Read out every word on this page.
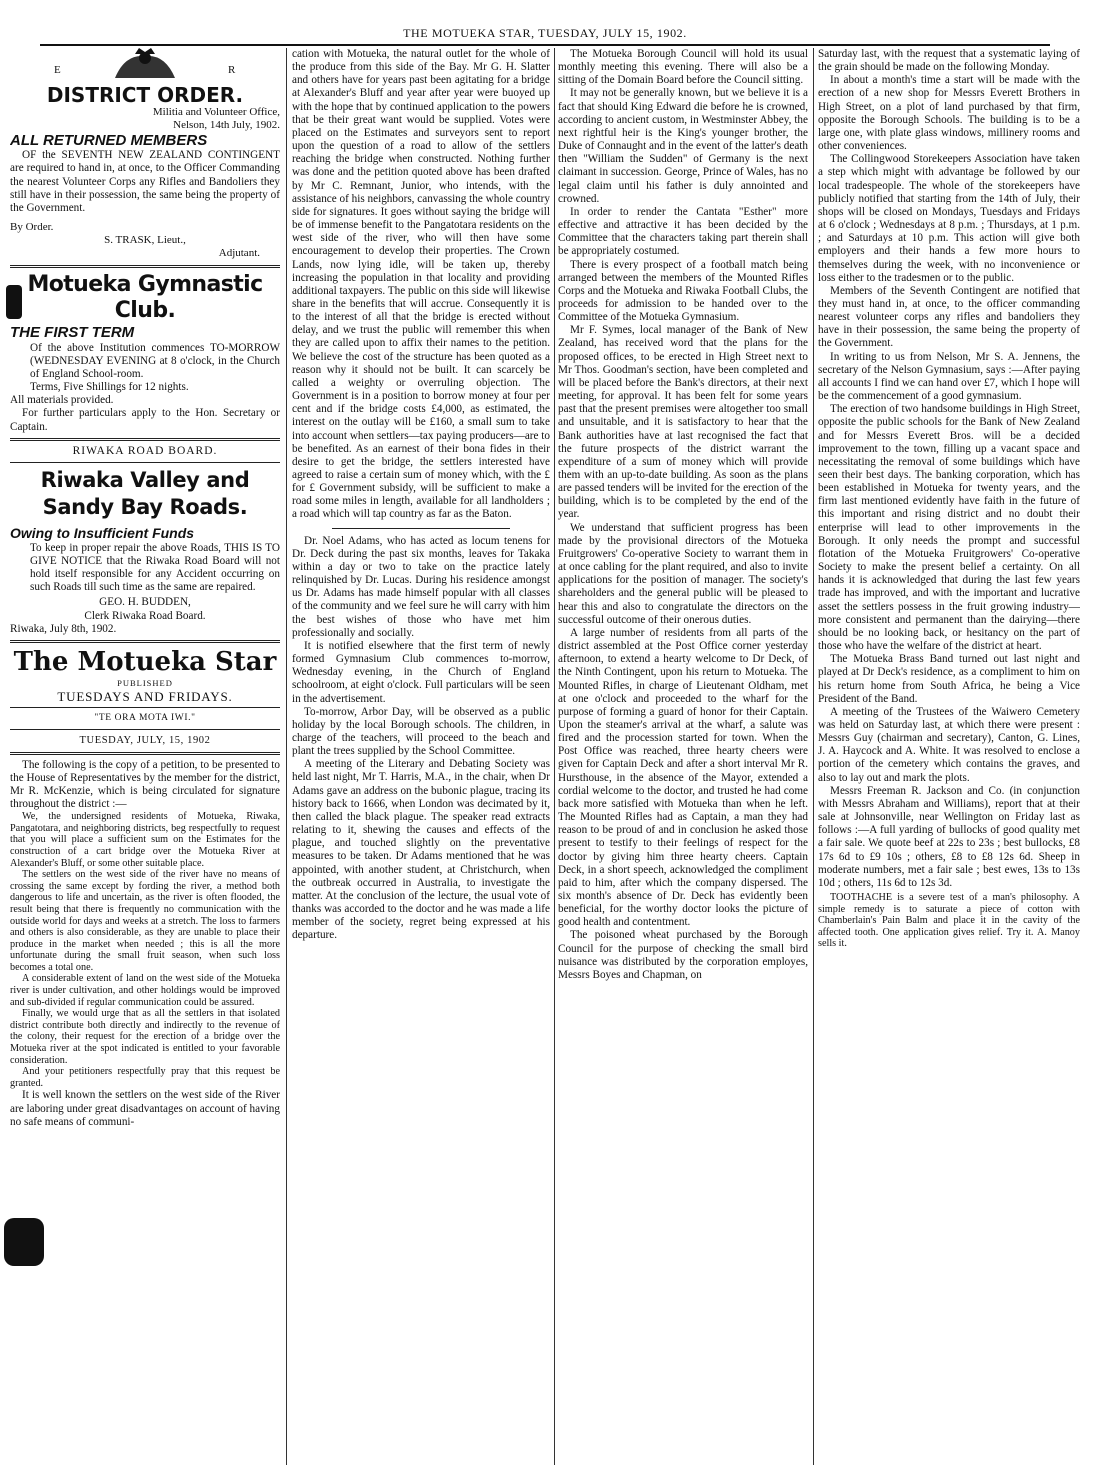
THE MOTUEKA STAR, TUESDAY, JULY 15, 1902.
E	R
DISTRICT ORDER.
Militia and Volunteer Office,
Nelson, 14th July, 1902.
ALL RETURNED MEMBERS

OF the SEVENTH NEW ZEALAND CONTINGENT are required to hand in, at once, to the Officer Commanding the nearest Volunteer Corps any Rifles and Bandoliers they still have in their possession, the same being the property of the Government.

By Order.
S. TRASK, Lieut.,
Adjutant.
Motueka Gymnastic Club.
THE FIRST TERM

Of the above Institution commences TO-MORROW (WEDNESDAY EVENING at 8 o'clock, in the Church of England School-room.

Terms, Five Shillings for 12 nights.

All materials provided.

For further particulars apply to the Hon. Secretary or Captain.

RIWAKA ROAD BOARD.
Riwaka Valley and Sandy Bay Roads.
Owing to Insufficient Funds

To keep in proper repair the above Roads, THIS IS TO GIVE NOTICE that the Riwaka Road Board will not hold itself responsible for any Accident occurring on such Roads till such time as the same are repaired.

GEO. H. BUDDEN,
Clerk Riwaka Road Board.
Riwaka, July 8th, 1902.
The Motueka Star
PUBLISHED
TUESDAYS AND FRIDAYS.
"TE ORA MOTA IWI."
TUESDAY, JULY, 15, 1902

The following is the copy of a petition, to be presented to the House of Representatives by the member for the district, Mr R. McKenzie, which is being circulated for signature throughout the district :—

We, the undersigned residents of Motueka, Riwaka, Pangatotara, and neighboring districts, beg respectfully to request that you will place a sufficient sum on the Estimates for the construction of a cart bridge over the Motueka River at Alexander's Bluff, or some other suitable place.

The settlers on the west side of the river have no means of crossing the same except by fording the river, a method both dangerous to life and uncertain, as the river is often flooded, the result being that there is frequently no communication with the outside world for days and weeks at a stretch. The loss to farmers and others is also considerable, as they are unable to place their produce in the market when needed ; this is all the more unfortunate during the small fruit season, when such loss becomes a total one.

A considerable extent of land on the west side of the Motueka river is under cultivation, and other holdings would be improved and sub-divided if regular communication could be assured.

Finally, we would urge that as all the settlers in that isolated district contribute both directly and indirectly to the revenue of the colony, their request for the erection of a bridge over the Motueka river at the spot indicated is entitled to your favorable consideration.

And your petitioners respectfully pray that this request be granted.

It is well known the settlers on the west side of the River are laboring under great disadvantages on account of having no safe means of communi-

cation with Motueka, the natural outlet for the whole of the produce from this side of the Bay. Mr G. H. Slatter and others have for years past been agitating for a bridge at Alexander's Bluff and year after year were buoyed up with the hope that by continued application to the powers that be their great want would be supplied. Votes were placed on the Estimates and surveyors sent to report upon the question of a road to allow of the settlers reaching the bridge when constructed. Nothing further was done and the petition quoted above has been drafted by Mr C. Remnant, Junior, who intends, with the assistance of his neighbors, canvassing the whole country side for signatures. It goes without saying the bridge will be of immense benefit to the Pangatotara residents on the west side of the river, who will then have some encouragement to develop their properties. The Crown Lands, now lying idle, will be taken up, thereby increasing the population in that locality and providing additional taxpayers. The public on this side will likewise share in the benefits that will accrue. Consequently it is to the interest of all that the bridge is erected without delay, and we trust the public will remember this when they are called upon to affix their names to the petition. We believe the cost of the structure has been quoted as a reason why it should not be built. It can scarcely be called a weighty or overruling objection. The Government is in a position to borrow money at four per cent and if the bridge costs £4,000, as estimated, the interest on the outlay will be £160, a small sum to take into account when settlers—tax paying producers—are to be benefited. As an earnest of their bona fides in their desire to get the bridge, the settlers interested have agreed to raise a certain sum of money which, with the £ for £ Government subsidy, will be sufficient to make a road some miles in length, available for all landholders ; a road which will tap country as far as the Baton.

Dr. Noel Adams, who has acted as locum tenens for Dr. Deck during the past six months, leaves for Takaka within a day or two to take on the practice lately relinquished by Dr. Lucas. During his residence amongst us Dr. Adams has made himself popular with all classes of the community and we feel sure he will carry with him the best wishes of those who have met him professionally and socially.

It is notified elsewhere that the first term of newly formed Gymnasium Club commences to-morrow, Wednesday evening, in the Church of England schoolroom, at eight o'clock. Full particulars will be seen in the advertisement.

To-morrow, Arbor Day, will be observed as a public holiday by the local Borough schools. The children, in charge of the teachers, will proceed to the beach and plant the trees supplied by the School Committee.

A meeting of the Literary and Debating Society was held last night, Mr T. Harris, M.A., in the chair, when Dr Adams gave an address on the bubonic plague, tracing its history back to 1666, when London was decimated by it, then called the black plague. The speaker read extracts relating to it, shewing the causes and effects of the plague, and touched slightly on the preventative measures to be taken. Dr Adams mentioned that he was appointed, with another student, at Christchurch, when the outbreak occurred in Australia, to investigate the matter. At the conclusion of the lecture, the usual vote of thanks was accorded to the doctor and he was made a life member of the society, regret being expressed at his departure.

The Motueka Borough Council will hold its usual monthly meeting this evening. There will also be a sitting of the Domain Board before the Council sitting.

It may not be generally known, but we believe it is a fact that should King Edward die before he is crowned, according to ancient custom, in Westminster Abbey, the next rightful heir is the King's younger brother, the Duke of Connaught and in the event of the latter's death then "William the Sudden" of Germany is the next claimant in succession. George, Prince of Wales, has no legal claim until his father is duly annointed and crowned.

In order to render the Cantata "Esther" more effective and attractive it has been decided by the Committee that the characters taking part therein shall be appropriately costumed.

There is every prospect of a football match being arranged between the members of the Mounted Rifles Corps and the Motueka and Riwaka Football Clubs, the proceeds for admission to be handed over to the Committee of the Motueka Gymnasium.

Mr F. Symes, local manager of the Bank of New Zealand, has received word that the plans for the proposed offices, to be erected in High Street next to Mr Thos. Goodman's section, have been completed and will be placed before the Bank's directors, at their next meeting, for approval. It has been felt for some years past that the present premises were altogether too small and unsuitable, and it is satisfactory to hear that the Bank authorities have at last recognised the fact that the future prospects of the district warrant the expenditure of a sum of money which will provide them with an up-to-date building. As soon as the plans are passed tenders will be invited for the erection of the building, which is to be completed by the end of the year.

We understand that sufficient progress has been made by the provisional directors of the Motueka Fruitgrowers' Co-operative Society to warrant them in at once cabling for the plant required, and also to invite applications for the position of manager. The society's shareholders and the general public will be pleased to hear this and also to congratulate the directors on the successful outcome of their onerous duties.

A large number of residents from all parts of the district assembled at the Post Office corner yesterday afternoon, to extend a hearty welcome to Dr Deck, of the Ninth Contingent, upon his return to Motueka. The Mounted Rifles, in charge of Lieutenant Oldham, met at one o'clock and proceeded to the wharf for the purpose of forming a guard of honor for their Captain. Upon the steamer's arrival at the wharf, a salute was fired and the procession started for town. When the Post Office was reached, three hearty cheers were given for Captain Deck and after a short interval Mr R. Hursthouse, in the absence of the Mayor, extended a cordial welcome to the doctor, and trusted he had come back more satisfied with Motueka than when he left. The Mounted Rifles had as Captain, a man they had reason to be proud of and in conclusion he asked those present to testify to their feelings of respect for the doctor by giving him three hearty cheers. Captain Deck, in a short speech, acknowledged the compliment paid to him, after which the company dispersed. The six month's absence of Dr. Deck has evidently been beneficial, for the worthy doctor looks the picture of good health and contentment.

The poisoned wheat purchased by the Borough Council for the purpose of checking the small bird nuisance was distributed by the corporation employes, Messrs Boyes and Chapman, on

Saturday last, with the request that a systematic laying of the grain should be made on the following Monday.

In about a month's time a start will be made with the erection of a new shop for Messrs Everett Brothers in High Street, on a plot of land purchased by that firm, opposite the Borough Schools. The building is to be a large one, with plate glass windows, millinery rooms and other conveniences.

The Collingwood Storekeepers Association have taken a step which might with advantage be followed by our local tradespeople. The whole of the storekeepers have publicly notified that starting from the 14th of July, their shops will be closed on Mondays, Tuesdays and Fridays at 6 o'clock ; Wednesdays at 8 p.m. ; Thursdays, at 1 p.m. ; and Saturdays at 10 p.m. This action will give both employers and their hands a few more hours to themselves during the week, with no inconvenience or loss either to the tradesmen or to the public.

Members of the Seventh Contingent are notified that they must hand in, at once, to the officer commanding nearest volunteer corps any rifles and bandoliers they have in their possession, the same being the property of the Government.

In writing to us from Nelson, Mr S. A. Jennens, the secretary of the Nelson Gymnasium, says :—After paying all accounts I find we can hand over £7, which I hope will be the commencement of a good gymnasium.

The erection of two handsome buildings in High Street, opposite the public schools for the Bank of New Zealand and for Messrs Everett Bros. will be a decided improvement to the town, filling up a vacant space and necessitating the removal of some buildings which have seen their best days. The banking corporation, which has been established in Motueka for twenty years, and the firm last mentioned evidently have faith in the future of this important and rising district and no doubt their enterprise will lead to other improvements in the Borough. It only needs the prompt and successful flotation of the Motueka Fruitgrowers' Co-operative Society to make the present belief a certainty. On all hands it is acknowledged that during the last few years trade has improved, and with the important and lucrative asset the settlers possess in the fruit growing industry—more consistent and permanent than the dairying—there should be no looking back, or hesitancy on the part of those who have the welfare of the district at heart.

The Motueka Brass Band turned out last night and played at Dr Deck's residence, as a compliment to him on his return home from South Africa, he being a Vice President of the Band.

A meeting of the Trustees of the Waiwero Cemetery was held on Saturday last, at which there were present : Messrs Guy (chairman and secretary), Canton, G. Lines, J. A. Haycock and A. White. It was resolved to enclose a portion of the cemetery which contains the graves, and also to lay out and mark the plots.

Messrs Freeman R. Jackson and Co. (in conjunction with Messrs Abraham and Williams), report that at their sale at Johnsonville, near Wellington on Friday last as follows :—A full yarding of bullocks of good quality met a fair sale. We quote beef at 22s to 23s ; best bullocks, £8 17s 6d to £9 10s ; others, £8 to £8 12s 6d. Sheep in moderate numbers, met a fair sale ; best ewes, 13s to 13s 10d ; others, 11s 6d to 12s 3d.

TOOTHACHE is a severe test of a man's philosophy. A simple remedy is to saturate a piece of cotton with Chamberlain's Pain Balm and place it in the cavity of the affected tooth. One application gives relief. Try it. A. Manoy sells it.
